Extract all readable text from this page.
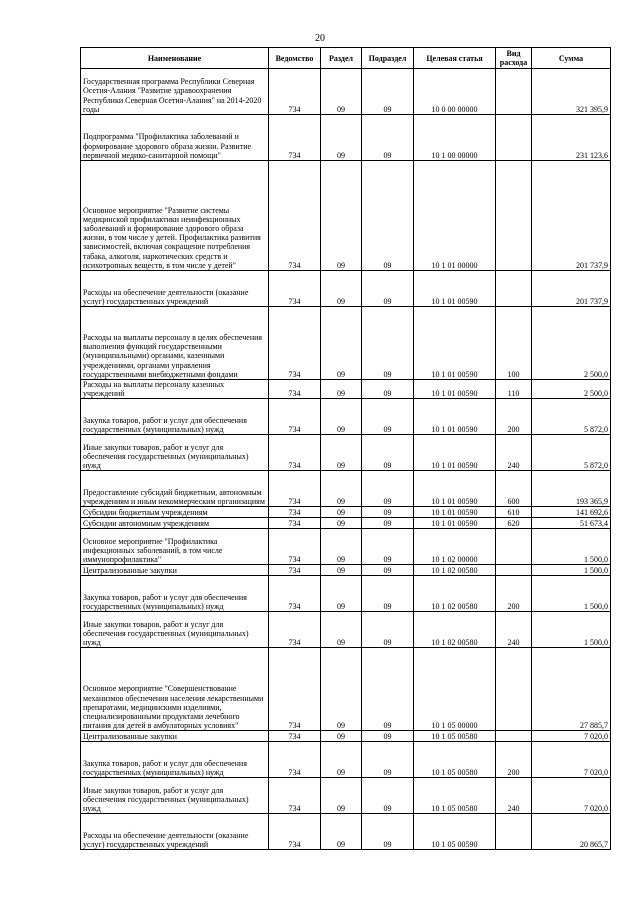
20
Наименование	Ведомство	Раздел	Подраздел	Целевая статья	Вид расхода	Сумма
Государственная программа Республики Северная Осетия-Алания "Развитие здравоохранения Республики Северная Осетия-Алания" на 2014-2020 годы	734	09	09	10 0 00 00000		321 395,9
Подпрограмма "Профилактика заболеваний и формирование здорового образа жизни. Развитие первичной медико-санитарной помощи"	734	09	09	10 1 00 00000		231 123,6
Основное мероприятие "Развитие системы медицинской профилактики неинфекционных заболеваний и формирование здорового образа жизни, в том числе у детей. Профилактика развития зависимостей, включая сокращение потребления табака, алкоголя, наркотических средств и психотропных веществ, в том числе у детей"	734	09	09	10 1 01 00000		201 737,9
Расходы на обеспечение деятельности (оказание услуг) государственных учреждений	734	09	09	10 1 01 00590		201 737,9
Расходы на выплаты персоналу в целях обеспечения выполнения функций государственными (муниципальными) органами, казенными учреждениями, органами управления государственными внебюджетными фондами	734	09	09	10 1 01 00590	100	2 500,0
Расходы на выплаты персоналу казенных учреждений	734	09	09	10 1 01 00590	110	2 500,0
Закупка товаров, работ и услуг для обеспечения государственных (муниципальных) нужд	734	09	09	10 1 01 00590	200	5 872,0
Иные закупки товаров, работ и услуг для обеспечения государственных (муниципальных) нужд	734	09	09	10 1 01 00590	240	5 872,0
Предоставление субсидий бюджетным, автономным учреждениям и иным некоммерческим организациям	734	09	09	10 1 01 00590	600	193 365,9
Субсидии бюджетным учреждениям	734	09	09	10 1 01 00590	610	141 692,6
Субсидии автономным учреждениям	734	09	09	10 1 01 00590	620	51 673,4
Основное мероприятие "Профилактика инфекционных заболеваний, в том числе иммунопрофилактика"	734	09	09	10 1 02 00000		1 500,0
Централизованные закупки	734	09	09	10 1 02 00580		1 500,0
Закупка товаров, работ и услуг для обеспечения государственных (муниципальных) нужд	734	09	09	10 1 02 00580	200	1 500,0
Иные закупки товаров, работ и услуг для обеспечения государственных (муниципальных) нужд	734	09	09	10 1 02 00580	240	1 500,0
Основное мероприятие "Совершенствование механизмов обеспечения населения лекарственными препаратами, медицинскими изделиями, специализированными продуктами лечебного питания для детей в амбулаторных условиях"	734	09	09	10 1 05 00000		27 885,7
Централизованные закупки	734	09	09	10 1 05 00580		7 020,0
Закупка товаров, работ и услуг для обеспечения государственных (муниципальных) нужд	734	09	09	10 1 05 00580	200	7 020,0
Иные закупки товаров, работ и услуг для обеспечения государственных (муниципальных) нужд	734	09	09	10 1 05 00580	240	7 020,0
Расходы на обеспечение деятельности (оказание услуг) государственных учреждений	734	09	09	10 1 05 00590		20 865,7
